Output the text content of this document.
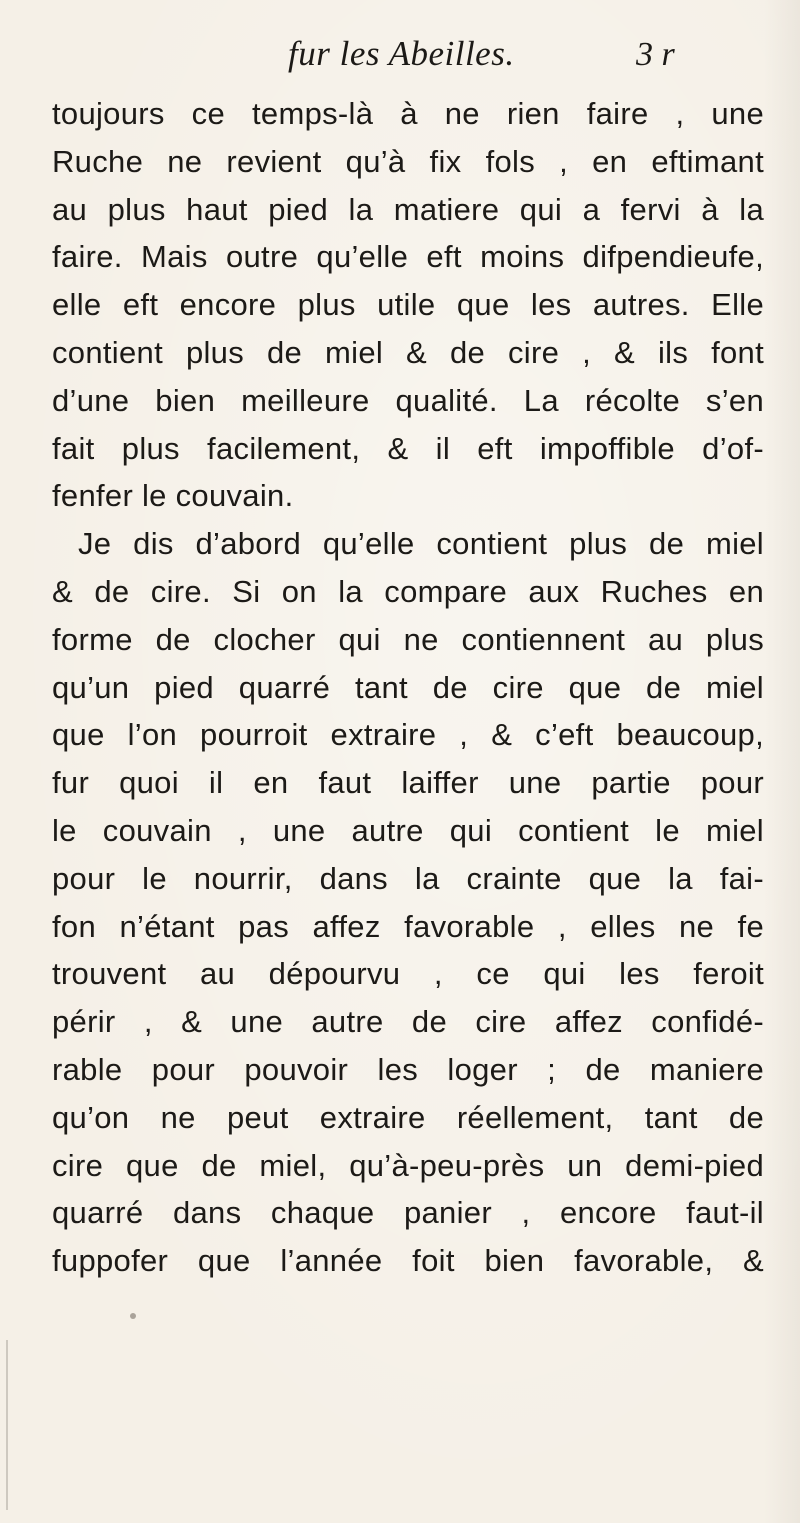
fur les Abeilles.	3 r
toujours ce temps-là à ne rien faire , une
Ruche ne revient qu’à fix fols , en eftimant
au plus haut pied la matiere qui a fervi à la
faire. Mais outre qu’elle eft moins difpendieufe,
elle eft encore plus utile que les autres. Elle
contient plus de miel & de cire , & ils font
d’une bien meilleure qualité. La récolte s’en
fait plus facilement, & il eft impoffible d’of-
fenfer le couvain.
Je dis d’abord qu’elle contient plus de miel
& de cire. Si on la compare aux Ruches en
forme de clocher qui ne contiennent au plus
qu’un pied quarré tant de cire que de miel
que l’on pourroit extraire , & c’eft beaucoup,
fur quoi il en faut laiffer une partie pour
le couvain , une autre qui contient le miel
pour le nourrir, dans la crainte que la fai-
fon n’étant pas affez favorable , elles ne fe
trouvent au dépourvu , ce qui les feroit
périr , & une autre de cire affez confidé-
rable pour pouvoir les loger ; de maniere
qu’on ne peut extraire réellement, tant de
cire que de miel, qu’à-peu-près un demi-pied
quarré dans chaque panier , encore faut-il
fuppofer que l’année foit bien favorable, &
